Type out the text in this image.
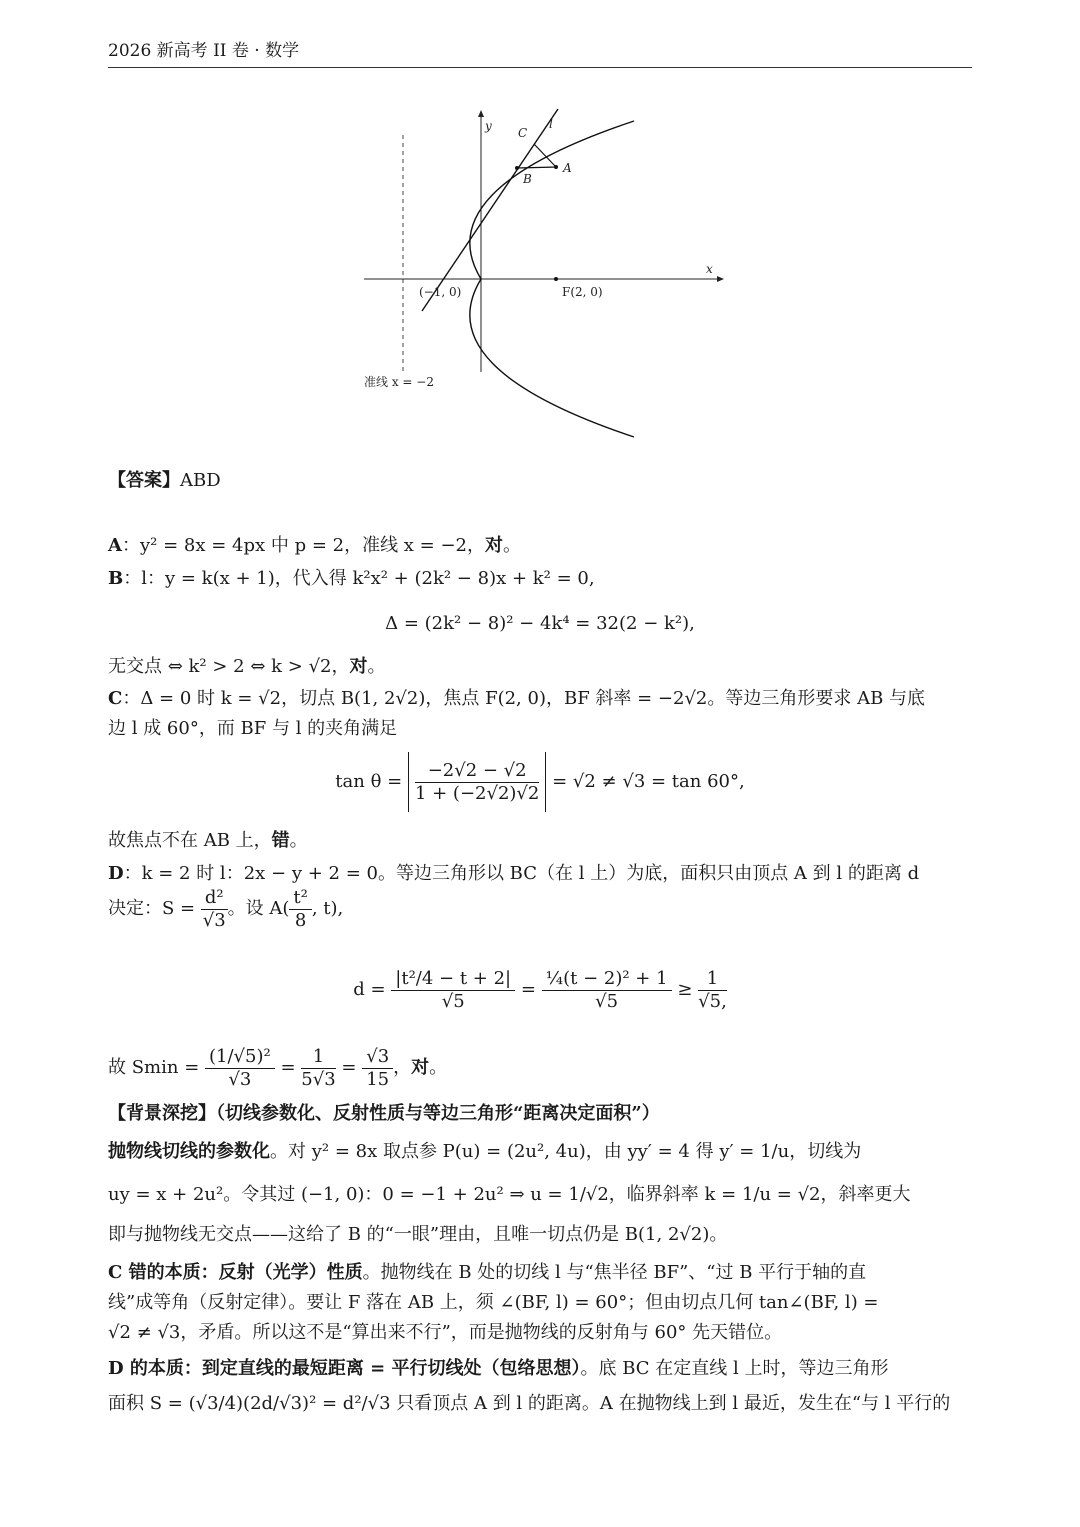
2026 新高考 II 卷 · 数学
y
x
C
l
A
B
(−1, 0)	F(2, 0)
准线 x = −2
【答案】ABD
A：y² = 8x = 4px 中 p = 2，准线 x = −2，对。
B：l：y = k(x + 1)，代入得 k²x² + (2k² − 8)x + k² = 0,
Δ = (2k² − 8)² − 4k⁴ = 32(2 − k²),
无交点 ⇔ k² > 2 ⇔ k > √2，对。
C：Δ = 0 时 k = √2，切点 B(1, 2√2)，焦点 F(2, 0)，BF 斜率 = −2√2。等边三角形要求 AB 与底
边 l 成 60°，而 BF 与 l 的夹角满足
$\tan \theta = \frac{-2√2 - √2}{1 + (-2√2)√2} = √2 \ne √3 = \tan 60^\circ$,
故焦点不在 AB 上，错。
D：k = 2 时 l：2x − y + 2 = 0。等边三角形以 BC（在 l 上）为底，面积只由顶点 A 到 l 的距离 d
决定：$S = \frac{\text{d²}}{√3}$ 。设 $A( \frac{\text{t²}}{8}$ , t),
$d = \frac{\text{|t²/4 − t + 2|}}{√5} = \frac{\text{¼(t − 2)² + 1}}{√5} \ge \frac{1}{√5,}$
故 $Smin = \frac{\text{(1/√5)²}}{√3} = \frac{1}{5√3} = \frac{√3}{15}$ ，对。
【背景深挖】（切线参数化、反射性质与等边三角形“距离决定面积”）
抛物线切线的参数化。对 y² = 8x 取点参 P(u) = (2u², 4u)，由 yy′ = 4 得 y′ = 1/u，切线为
uy = x + 2u²。令其过 (−1, 0)：0 = −1 + 2u² ⇒ u = 1/√2，临界斜率 k = 1/u = √2，斜率更大
即与抛物线无交点——这给了 B 的“一眼”理由，且唯一切点仍是 B(1, 2√2)。
C 错的本质：反射（光学）性质。抛物线在 B 处的切线 l 与“焦半径 BF”、“过 B 平行于轴的直
线”成等角（反射定律）。要让 F 落在 AB 上，须 ∠(BF, l) = 60°；但由切点几何 tan∠(BF, l) =
√2 ≠ √3，矛盾。所以这不是“算出来不行”，而是抛物线的反射角与 60° 先天错位。
D 的本质：到定直线的最短距离 = 平行切线处（包络思想）。底 BC 在定直线 l 上时，等边三角形
面积 S = (√3/4)(2d/√3)² = d²/√3 只看顶点 A 到 l 的距离。A 在抛物线上到 l 最近，发生在“与 l 平行的
